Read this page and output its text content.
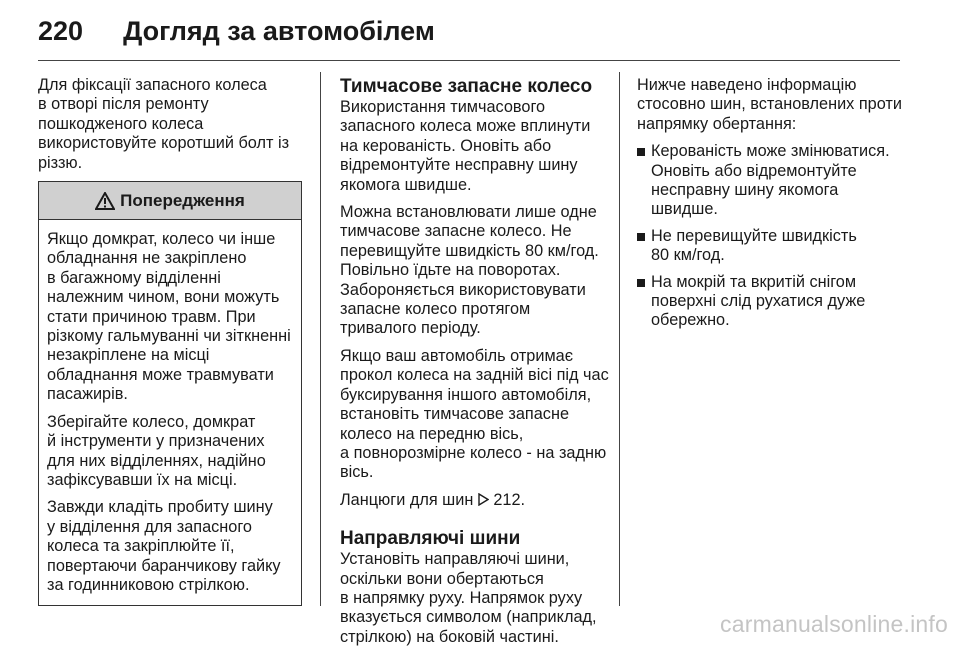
220 Догляд за автомобілем

Для фіксації запасного колеса
в отворі після ремонту
пошкодженого колеса
використовуйте коротший болт із
різзю.

Попередження

Якщо домкрат, колесо чи інше
обладнання не закріплено
в багажному відділенні
належним чином, вони можуть
стати причиною травм. При
різкому гальмуванні чи зіткненні
незакріплене на місці
обладнання може травмувати
пасажирів.

Зберігайте колесо, домкрат
й інструменти у призначених
для них відділеннях, надійно
зафіксувавши їх на місці.

Завжди кладіть пробиту шину
у відділення для запасного
колеса та закріплюйте її,
повертаючи баранчикову гайку
за годинниковою стрілкою.

Тимчасове запасне колесо

Використання тимчасового
запасного колеса може вплинути
на керованість. Оновіть або
відремонтуйте несправну шину
якомога швидше.

Можна встановлювати лише одне
тимчасове запасне колесо. Не
перевищуйте швидкість 80 км/год.
Повільно їдьте на поворотах.
Забороняється використовувати
запасне колесо протягом
тривалого періоду.

Якщо ваш автомобіль отримає
прокол колеса на задній вісі під час
буксирування іншого автомобіля,
встановіть тимчасове запасне
колесо на передню вісь,
а повнорозмірне колесо - на задню
вісь.

Ланцюги для шин 212.

Направляючі шини

Установіть направляючі шини,
оскільки вони обертаються
в напрямку руху. Напрямок руху
вказується символом (наприклад,
стрілкою) на боковій частині.

Нижче наведено інформацію
стосовно шин, встановлених проти
напрямку обертання:

Керованість може змінюватися.
Оновіть або відремонтуйте
несправну шину якомога
швидше.
Не перевищуйте швидкість
80 км/год.
На мокрій та вкритій снігом
поверхні слід рухатися дуже
обережно.
carmanualsonline.info
